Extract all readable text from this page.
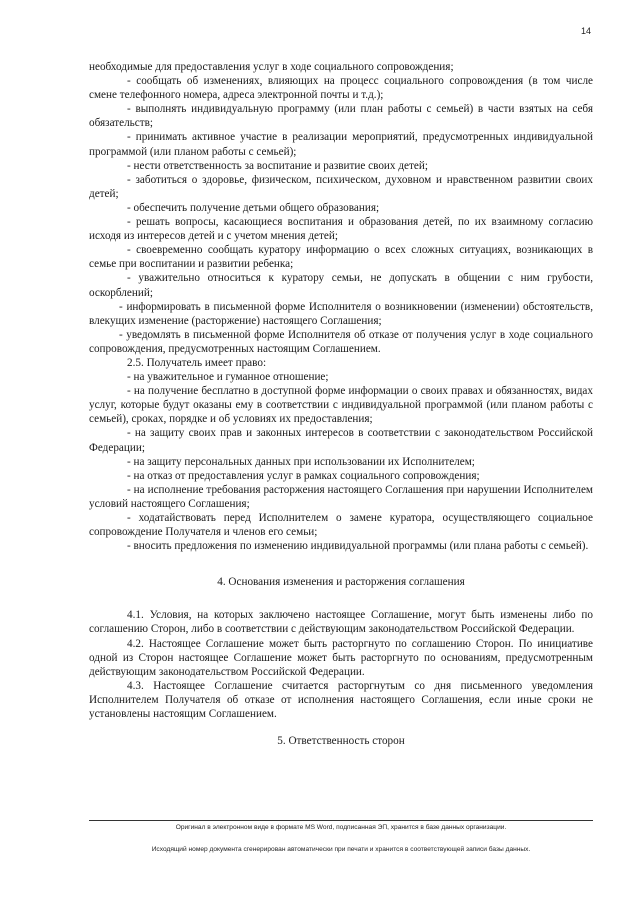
14

необходимые для предоставления услуг в ходе социального сопровождения;

- сообщать об изменениях, влияющих на процесс социального сопровождения (в том числе смене телефонного номера, адреса электронной почты и т.д.);

- выполнять индивидуальную программу (или план работы с семьей) в части взятых на себя обязательств;

- принимать активное участие в реализации мероприятий, предусмотренных индивидуальной программой (или планом работы с семьей);

- нести ответственность за воспитание и развитие своих детей;

- заботиться о здоровье, физическом, психическом, духовном и нравственном развитии своих детей;

- обеспечить получение детьми общего образования;

- решать вопросы, касающиеся воспитания и образования детей, по их взаимному согласию исходя из интересов детей и с учетом мнения детей;

- своевременно сообщать куратору информацию о всех сложных ситуациях, возникающих в семье при воспитании и развитии ребенка;

- уважительно относиться к куратору семьи, не допускать в общении с ним грубости, оскорблений;

- информировать в письменной форме Исполнителя о возникновении (изменении) обстоятельств, влекущих изменение (расторжение) настоящего Соглашения;

- уведомлять в письменной форме Исполнителя об отказе от получения услуг в ходе социального сопровождения, предусмотренных настоящим Соглашением.

2.5. Получатель имеет право:

- на уважительное и гуманное отношение;

- на получение бесплатно в доступной форме информации о своих правах и обязанностях, видах услуг, которые будут оказаны ему в соответствии с индивидуальной программой (или планом работы с семьей), сроках, порядке и об условиях их предоставления;

- на защиту своих прав и законных интересов в соответствии с законодательством Российской Федерации;

- на защиту персональных данных при использовании их Исполнителем;

- на отказ от предоставления услуг в рамках социального сопровождения;

- на исполнение требования расторжения настоящего Соглашения при нарушении Исполнителем условий настоящего Соглашения;

- ходатайствовать перед Исполнителем о замене куратора, осуществляющего социальное сопровождение Получателя и членов его семьи;

- вносить предложения по изменению индивидуальной программы (или плана работы с семьей).

4. Основания изменения и расторжения соглашения

4.1. Условия, на которых заключено настоящее Соглашение, могут быть изменены либо по соглашению Сторон, либо в соответствии с действующим законодательством Российской Федерации.

4.2. Настоящее Соглашение может быть расторгнуто по соглашению Сторон. По инициативе одной из Сторон настоящее Соглашение может быть расторгнуто по основаниям, предусмотренным действующим законодательством Российской Федерации.

4.3. Настоящее Соглашение считается расторгнутым со дня письменного уведомления Исполнителем Получателя об отказе от исполнения настоящего Соглашения, если иные сроки не установлены настоящим Соглашением.

5. Ответственность сторон

Оригинал в электронном виде в формате MS Word, подписанная ЭП, хранится в базе данных организации.
Исходящий номер документа сгенерирован автоматически при печати и хранится в соответствующей записи базы данных.
